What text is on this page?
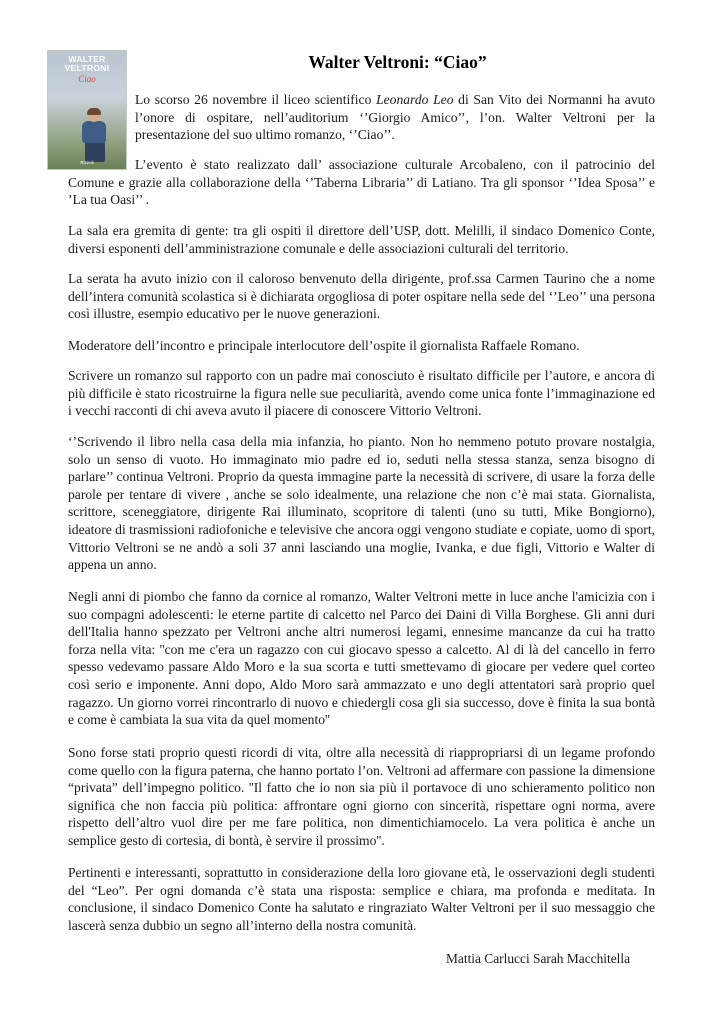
WALTER
VELTRONI
Ciao
Rizzoli
Walter Veltroni: “Ciao”

Lo scorso 26 novembre il liceo scientifico Leonardo Leo di San Vito dei Normanni ha avuto l’onore di ospitare, nell’auditorium ‘’Giorgio Amico’’, l’on. Walter Veltroni per la presentazione del suo ultimo romanzo, ‘’Ciao’’.

L’evento è stato realizzato dall’ associazione culturale Arcobaleno, con il patrocinio del Comune e grazie alla collaborazione della ‘’Taberna Libraria’’ di Latiano. Tra gli sponsor ‘’Idea Sposa’’ e ’La tua Oasi’’ .

La sala era gremita di gente: tra gli ospiti il direttore dell’USP, dott. Melilli, il sindaco Domenico Conte, diversi esponenti dell’amministrazione comunale e delle associazioni culturali del territorio.

La serata ha avuto inizio con il caloroso benvenuto della dirigente, prof.ssa Carmen Taurino che a nome dell’intera comunità scolastica si è dichiarata orgogliosa di poter ospitare nella sede del ‘’Leo’’ una persona così illustre, esempio educativo per le nuove generazioni.

Moderatore dell’incontro e principale interlocutore dell’ospite il giornalista Raffaele Romano.

Scrivere un romanzo sul rapporto con un padre mai conosciuto è risultato difficile per l’autore, e ancora di più difficile è stato ricostruirne la figura nelle sue peculiarità, avendo come unica fonte l’immaginazione ed i vecchi racconti di chi aveva avuto il piacere di conoscere Vittorio Veltroni.

‘’Scrivendo il libro nella casa della mia infanzia, ho pianto. Non ho nemmeno potuto provare nostalgia, solo un senso di vuoto. Ho immaginato mio padre ed io, seduti nella stessa stanza, senza bisogno di parlare’’ continua Veltroni. Proprio da questa immagine parte la necessità di scrivere, di usare la forza delle parole per tentare di vivere , anche se solo idealmente, una relazione che non c’è mai stata. Giornalista, scrittore, sceneggiatore, dirigente Rai illuminato, scopritore di talenti (uno su tutti, Mike Bongiorno), ideatore di trasmissioni radiofoniche e televisive che ancora oggi vengono studiate e copiate, uomo di sport, Vittorio Veltroni se ne andò a soli 37 anni lasciando una moglie, Ivanka, e due figli, Vittorio e Walter di appena un anno.

Negli anni di piombo che fanno da cornice al romanzo, Walter Veltroni mette in luce anche l'amicizia con i suo compagni adolescenti: le eterne partite di calcetto nel Parco dei Daini di Villa Borghese. Gli anni duri dell'Italia hanno spezzato per Veltroni anche altri numerosi legami, ennesime mancanze da cui ha tratto forza nella vita: ''con me c'era un ragazzo con cui giocavo spesso a calcetto. Al di là del cancello in ferro spesso vedevamo passare Aldo Moro e la sua scorta e tutti smettevamo di giocare per vedere quel corteo così serio e imponente. Anni dopo, Aldo Moro sarà ammazzato e uno degli attentatori sarà proprio quel ragazzo. Un giorno vorrei rincontrarlo di nuovo e chiedergli cosa gli sia successo, dove è finita la sua bontà e come è cambiata la sua vita da quel momento''

Sono forse stati proprio questi ricordi di vita, oltre alla necessità di riappropriarsi di un legame profondo come quello con la figura paterna, che hanno portato l’on. Veltroni ad affermare con passione la dimensione “privata” dell’impegno politico. ''Il fatto che io non sia più il portavoce di uno schieramento politico non significa che non faccia più politica: affrontare ogni giorno con sincerità, rispettare ogni norma, avere rispetto dell’altro vuol dire per me fare politica, non dimentichiamocelo. La vera politica è anche un semplice gesto di cortesia, di bontà, è servire il prossimo''.

Pertinenti e interessanti, soprattutto in considerazione della loro giovane età, le osservazioni degli studenti del “Leo”. Per ogni domanda c’è stata una risposta: semplice e chiara, ma profonda e meditata. In conclusione, il sindaco Domenico Conte ha salutato e ringraziato Walter Veltroni per il suo messaggio che lascerà senza dubbio un segno all’interno della nostra comunità.

Mattia Carlucci Sarah Macchitella
